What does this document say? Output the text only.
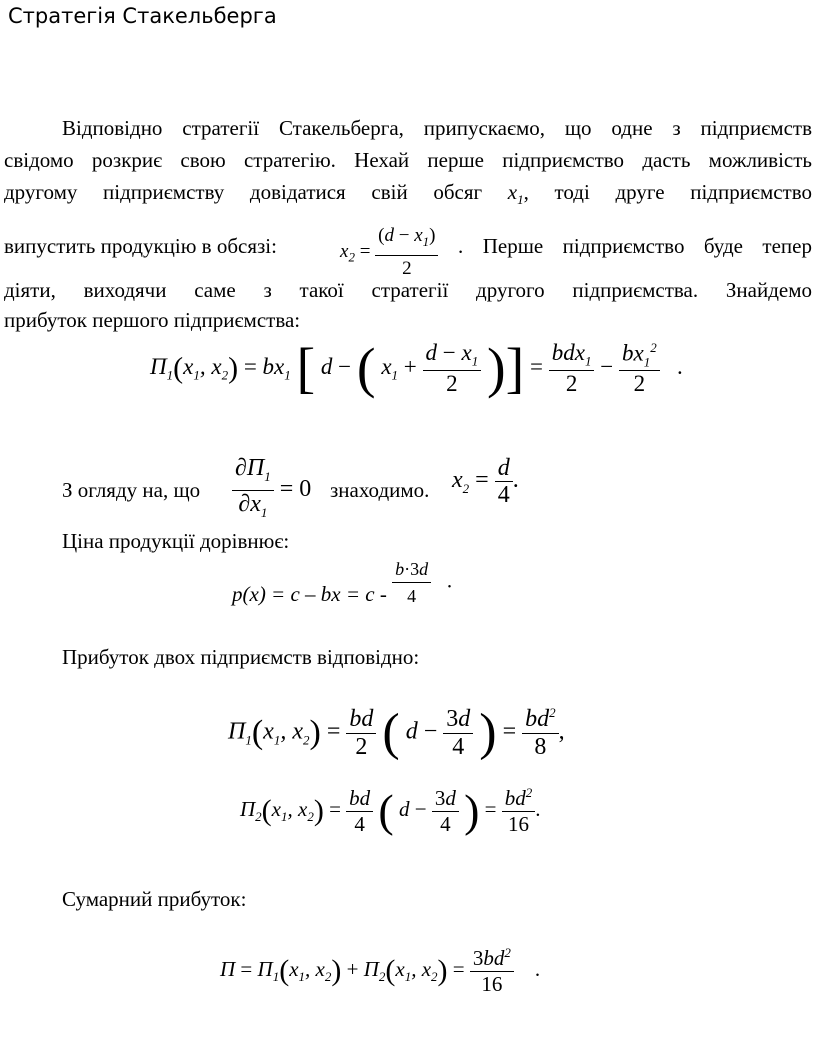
Стратегія Стакельберга
Відповідно стратегії Стакельберга, припускаємо, що одне з підприємств
свідомо розкриє свою стратегію. Нехай перше підприємство дасть можливість
другому підприємству довідатися свій обсяг $x_1$, тоді друге підприємство
випустить продукцію в обсязі:	$x_2 = \frac{(d - x_1)}{2}$ . Перше підприємство буде тепер
діяти, виходячи саме з такої стратегії другого підприємства. Знайдемо
прибуток першого підприємства:
$П_1(x_1$, $x_2) = bx_1$ [ d − ( $x_1 + \frac{d - x_1}{2}$ )] = $\frac{bdx_1}{2} - \frac{bx_1^2}{2}$ .
З огляду на, що $\frac{\partial П_1}{\partial x_1} = 0$ знаходимо. $x_2 = \frac{d}{4}$ .
Ціна продукції дорівнює:
p(x) = c – bx = c - $\frac{b\cdot 3d}{4}$ .
Прибуток двох підприємств відповідно:
$П_1(x_1$, $x_2) = \frac{bd}{2}$ ( $d - \frac{3d}{4}$ ) = $\frac{bd^2}{8}$ ,
$П_2(x_1$, $x_2) = \frac{bd}{4}$ ( $d - \frac{3d}{4}$ ) = $\frac{bd^2}{16}$ .
Сумарний прибуток:
$П = П_1(x_1$, $x_2) + П_2(x_1$, $x_2) = \frac{3bd^2}{16}$ .
